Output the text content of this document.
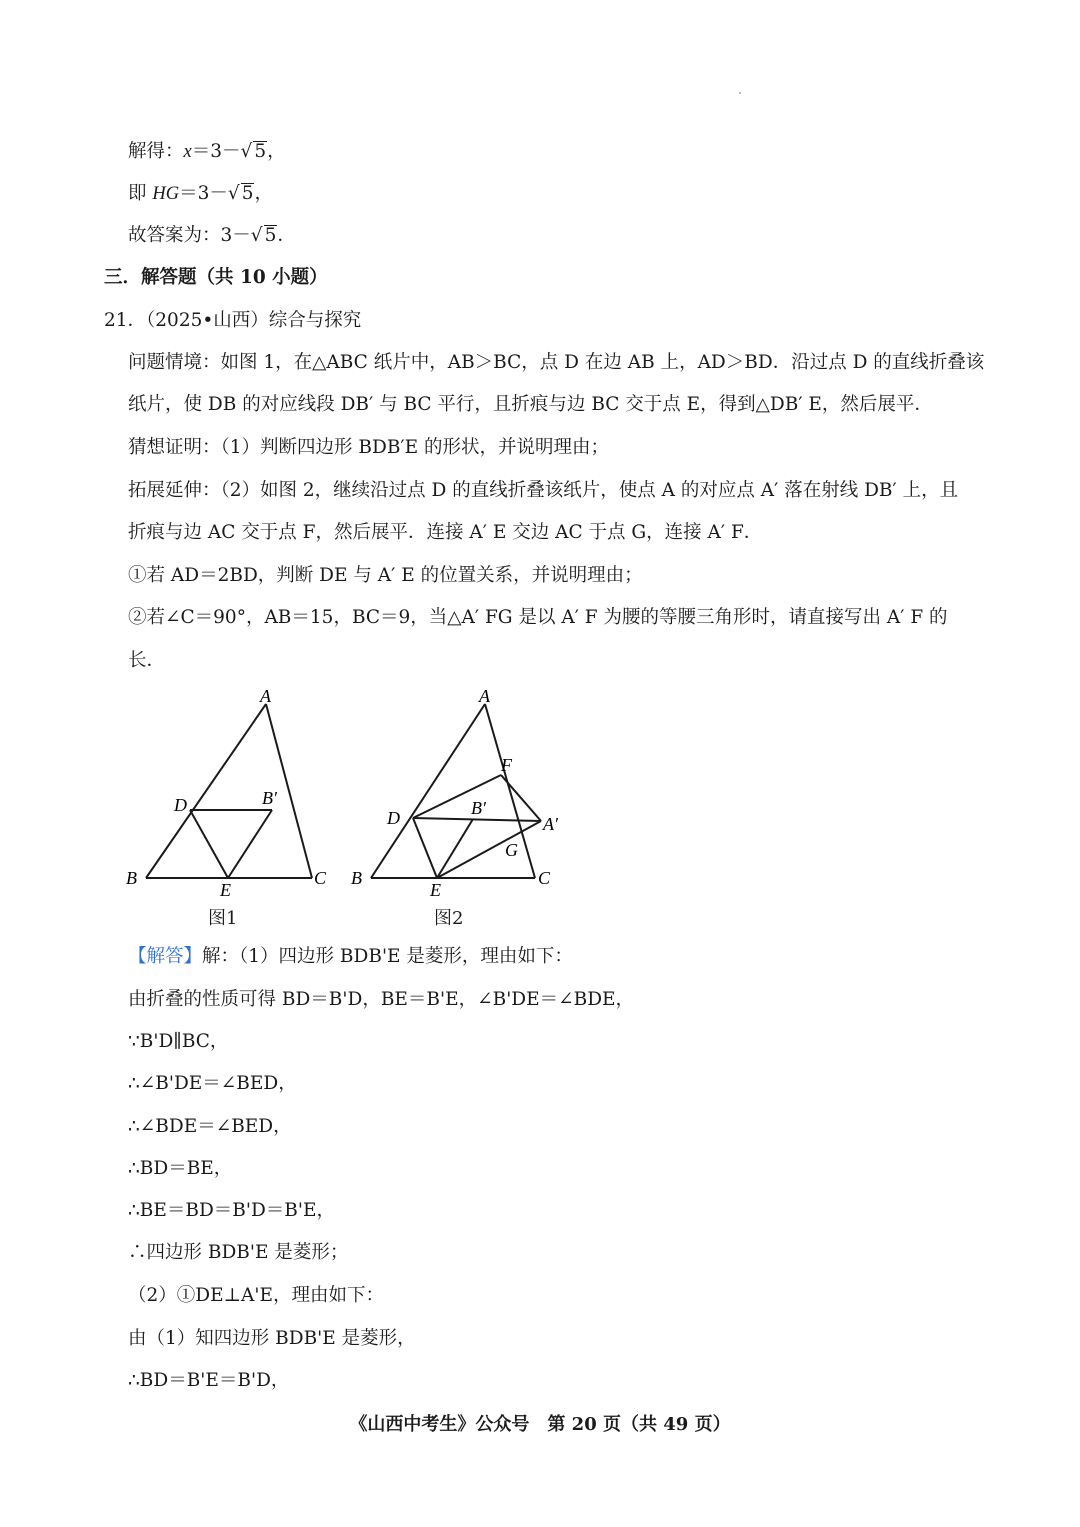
解得：x＝3－√ 5，
即 HG＝3－√ 5，
故答案为：3－√ 5．
三．解答题（共 10 小题）
21．（2025•山西）综合与探究
问题情境：如图 1，在△ABC 纸片中，AB＞BC，点 D 在边 AB 上，AD＞BD．沿过点 D 的直线折叠该
纸片，使 DB 的对应线段 DB′ 与 BC 平行，且折痕与边 BC 交于点 E，得到△DB′ E，然后展平．
猜想证明：（1）判断四边形 BDB′E 的形状，并说明理由；
拓展延伸：（2）如图 2，继续沿过点 D 的直线折叠该纸片，使点 A 的对应点 A′ 落在射线 DB′ 上，且
折痕与边 AC 交于点 F，然后展平．连接 A′ E 交边 AC 于点 G，连接 A′ F．
①若 AD＝2BD，判断 DE 与 A′ E 的位置关系，并说明理由；
②若∠C＝90°，AB＝15，BC＝9，当△A′ FG 是以 A′ F 为腰的等腰三角形时，请直接写出 A′ F 的
长．
A
B	C
D
E
B′
图1
A
B	C
D
E
B′
F
A′
G
图2
【解答】解：（1）四边形 BDB'E 是菱形，理由如下：
由折叠的性质可得 BD＝B'D，BE＝B'E，∠B'DE＝∠BDE，
∵B'D∥BC，
∴∠B'DE＝∠BED，
∴∠BDE＝∠BED，
∴BD＝BE，
∴BE＝BD＝B'D＝B'E，
∴四边形 BDB'E 是菱形；
（2）①DE⊥A'E，理由如下：
由（1）知四边形 BDB'E 是菱形，
∴BD＝B'E＝B'D，
《山西中考生》公众号　第 20 页（共 49 页）
